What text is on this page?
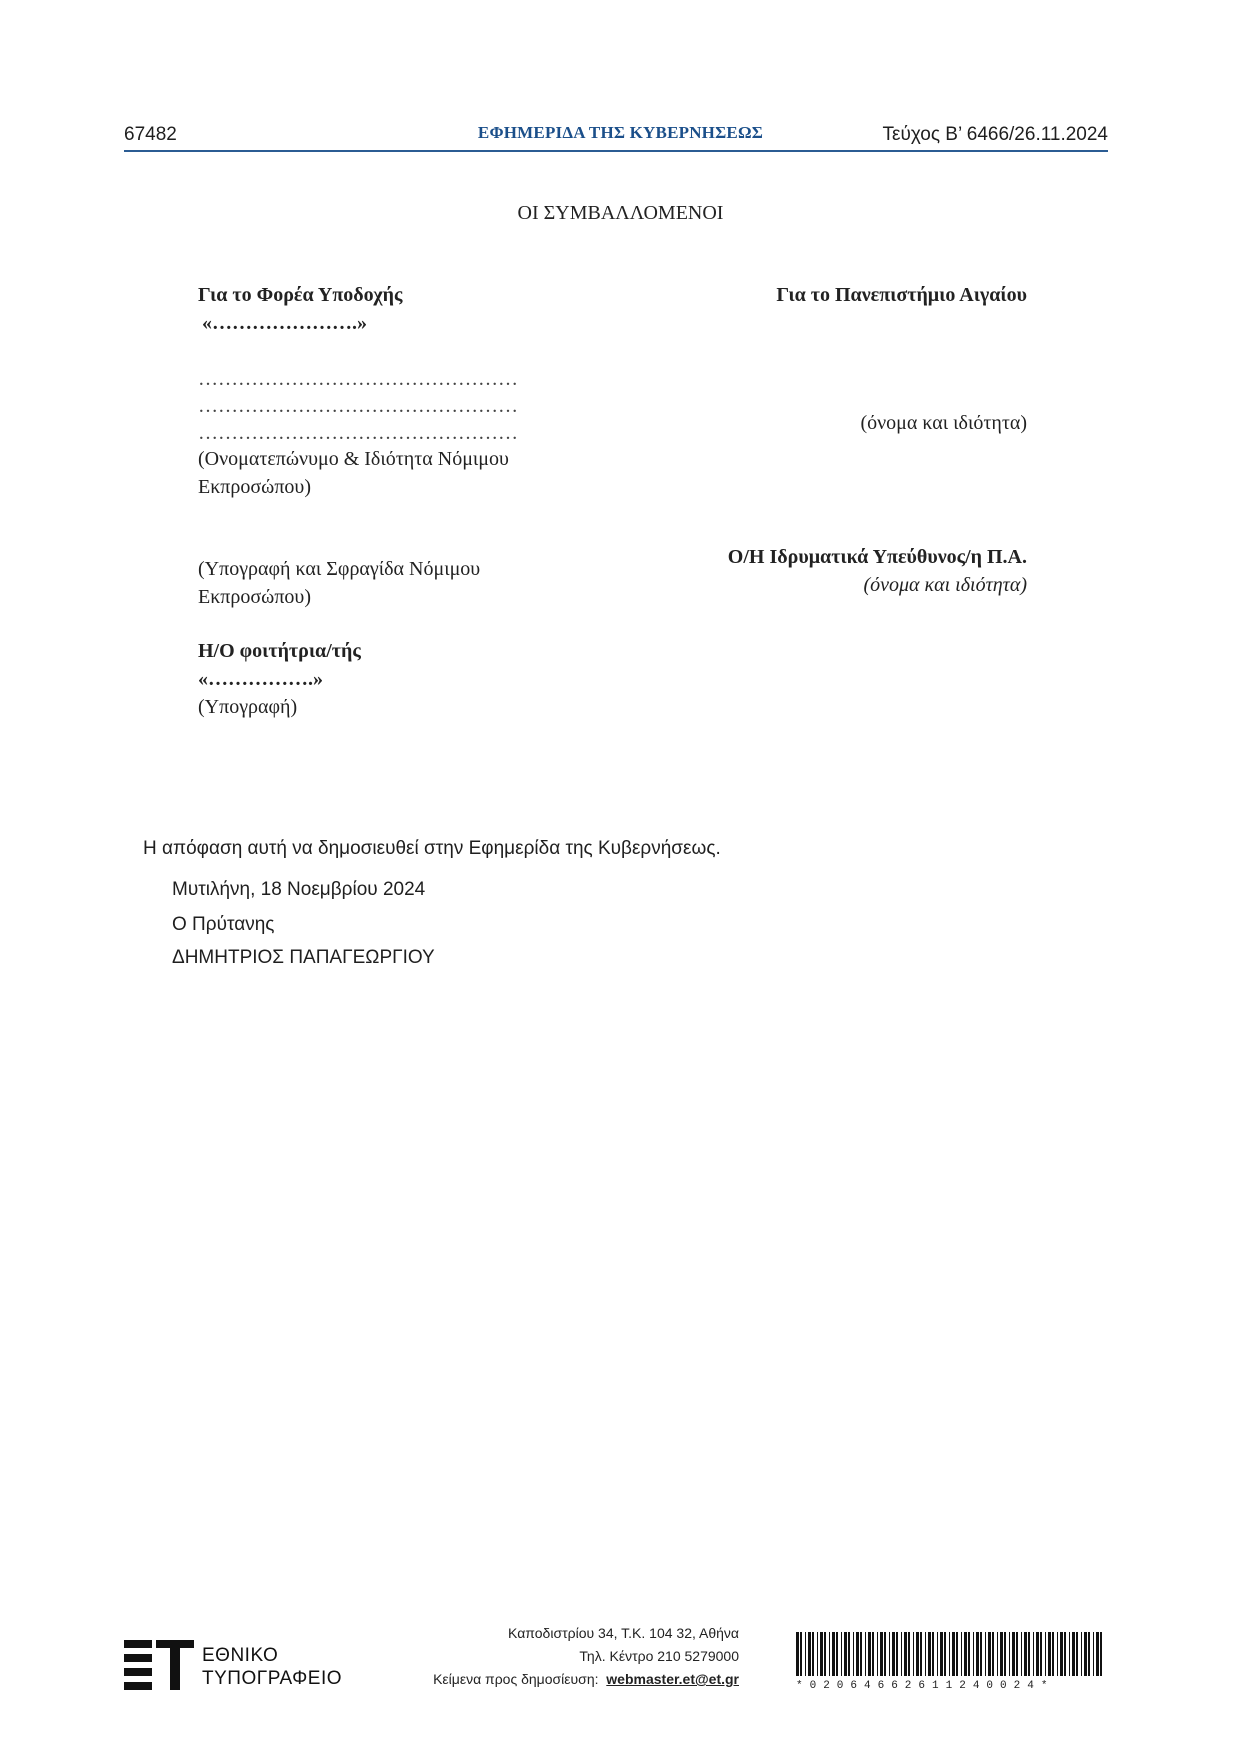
67482	ΕΦΗΜΕΡΙΔΑ ΤΗΣ ΚΥΒΕΡΝΗΣΕΩΣ	Τεύχος Β’ 6466/26.11.2024
ΟΙ ΣΥΜΒΑΛΛΟΜΕΝΟΙ
Για το Φορέα Υποδοχής
«………………….»
…………………………………………
…………………………………………
…………………………………………
(Ονοματεπώνυμο & Ιδιότητα Νόμιμου
Εκπροσώπου)
(Υπογραφή και Σφραγίδα Νόμιμου
Εκπροσώπου)
Η/Ο φοιτήτρια/τής
«…………….»
(Υπογραφή)
Για το Πανεπιστήμιο Αιγαίου
(όνομα και ιδιότητα)
Ο/Η Ιδρυματικά Υπεύθυνος/η Π.Α.
(όνομα και ιδιότητα)
Η απόφαση αυτή να δημοσιευθεί στην Εφημερίδα της Κυβερνήσεως.
Μυτιλήνη, 18 Νοεμβρίου 2024
Ο Πρύτανης
ΔΗΜΗΤΡΙΟΣ ΠΑΠΑΓΕΩΡΓΙΟΥ
ΕΘΝΙΚΟ
ΤΥΠΟΓΡΑΦΕΙΟ
Καποδιστρίου 34, Τ.Κ. 104 32, Αθήνα
Τηλ. Κέντρο 210 5279000
Κείμενα προς δημοσίευση: webmaster.et@et.gr	*02064662611240024*
